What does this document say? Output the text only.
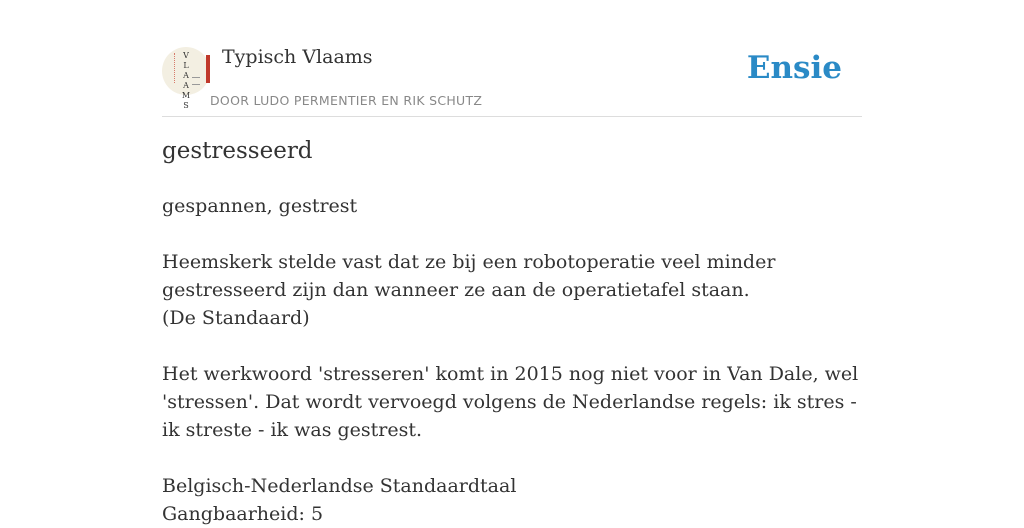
V
L
A
A
M
S
Typisch Vlaams
DOOR LUDO PERMENTIER EN RIK SCHUTZ
Ensie
gestresseerd

gespannen, gestrest

Heemskerk stelde vast dat ze bij een robotoperatie veel minder gestresseerd zijn dan wanneer ze aan de operatietafel staan.

(De Standaard)

Het werkwoord 'stresseren' komt in 2015 nog niet voor in Van Dale, wel 'stressen'. Dat wordt vervoegd volgens de Nederlandse regels: ik stres - ik streste - ik was gestrest.

Belgisch-Nederlandse Standaardtaal

Gangbaarheid: 5
